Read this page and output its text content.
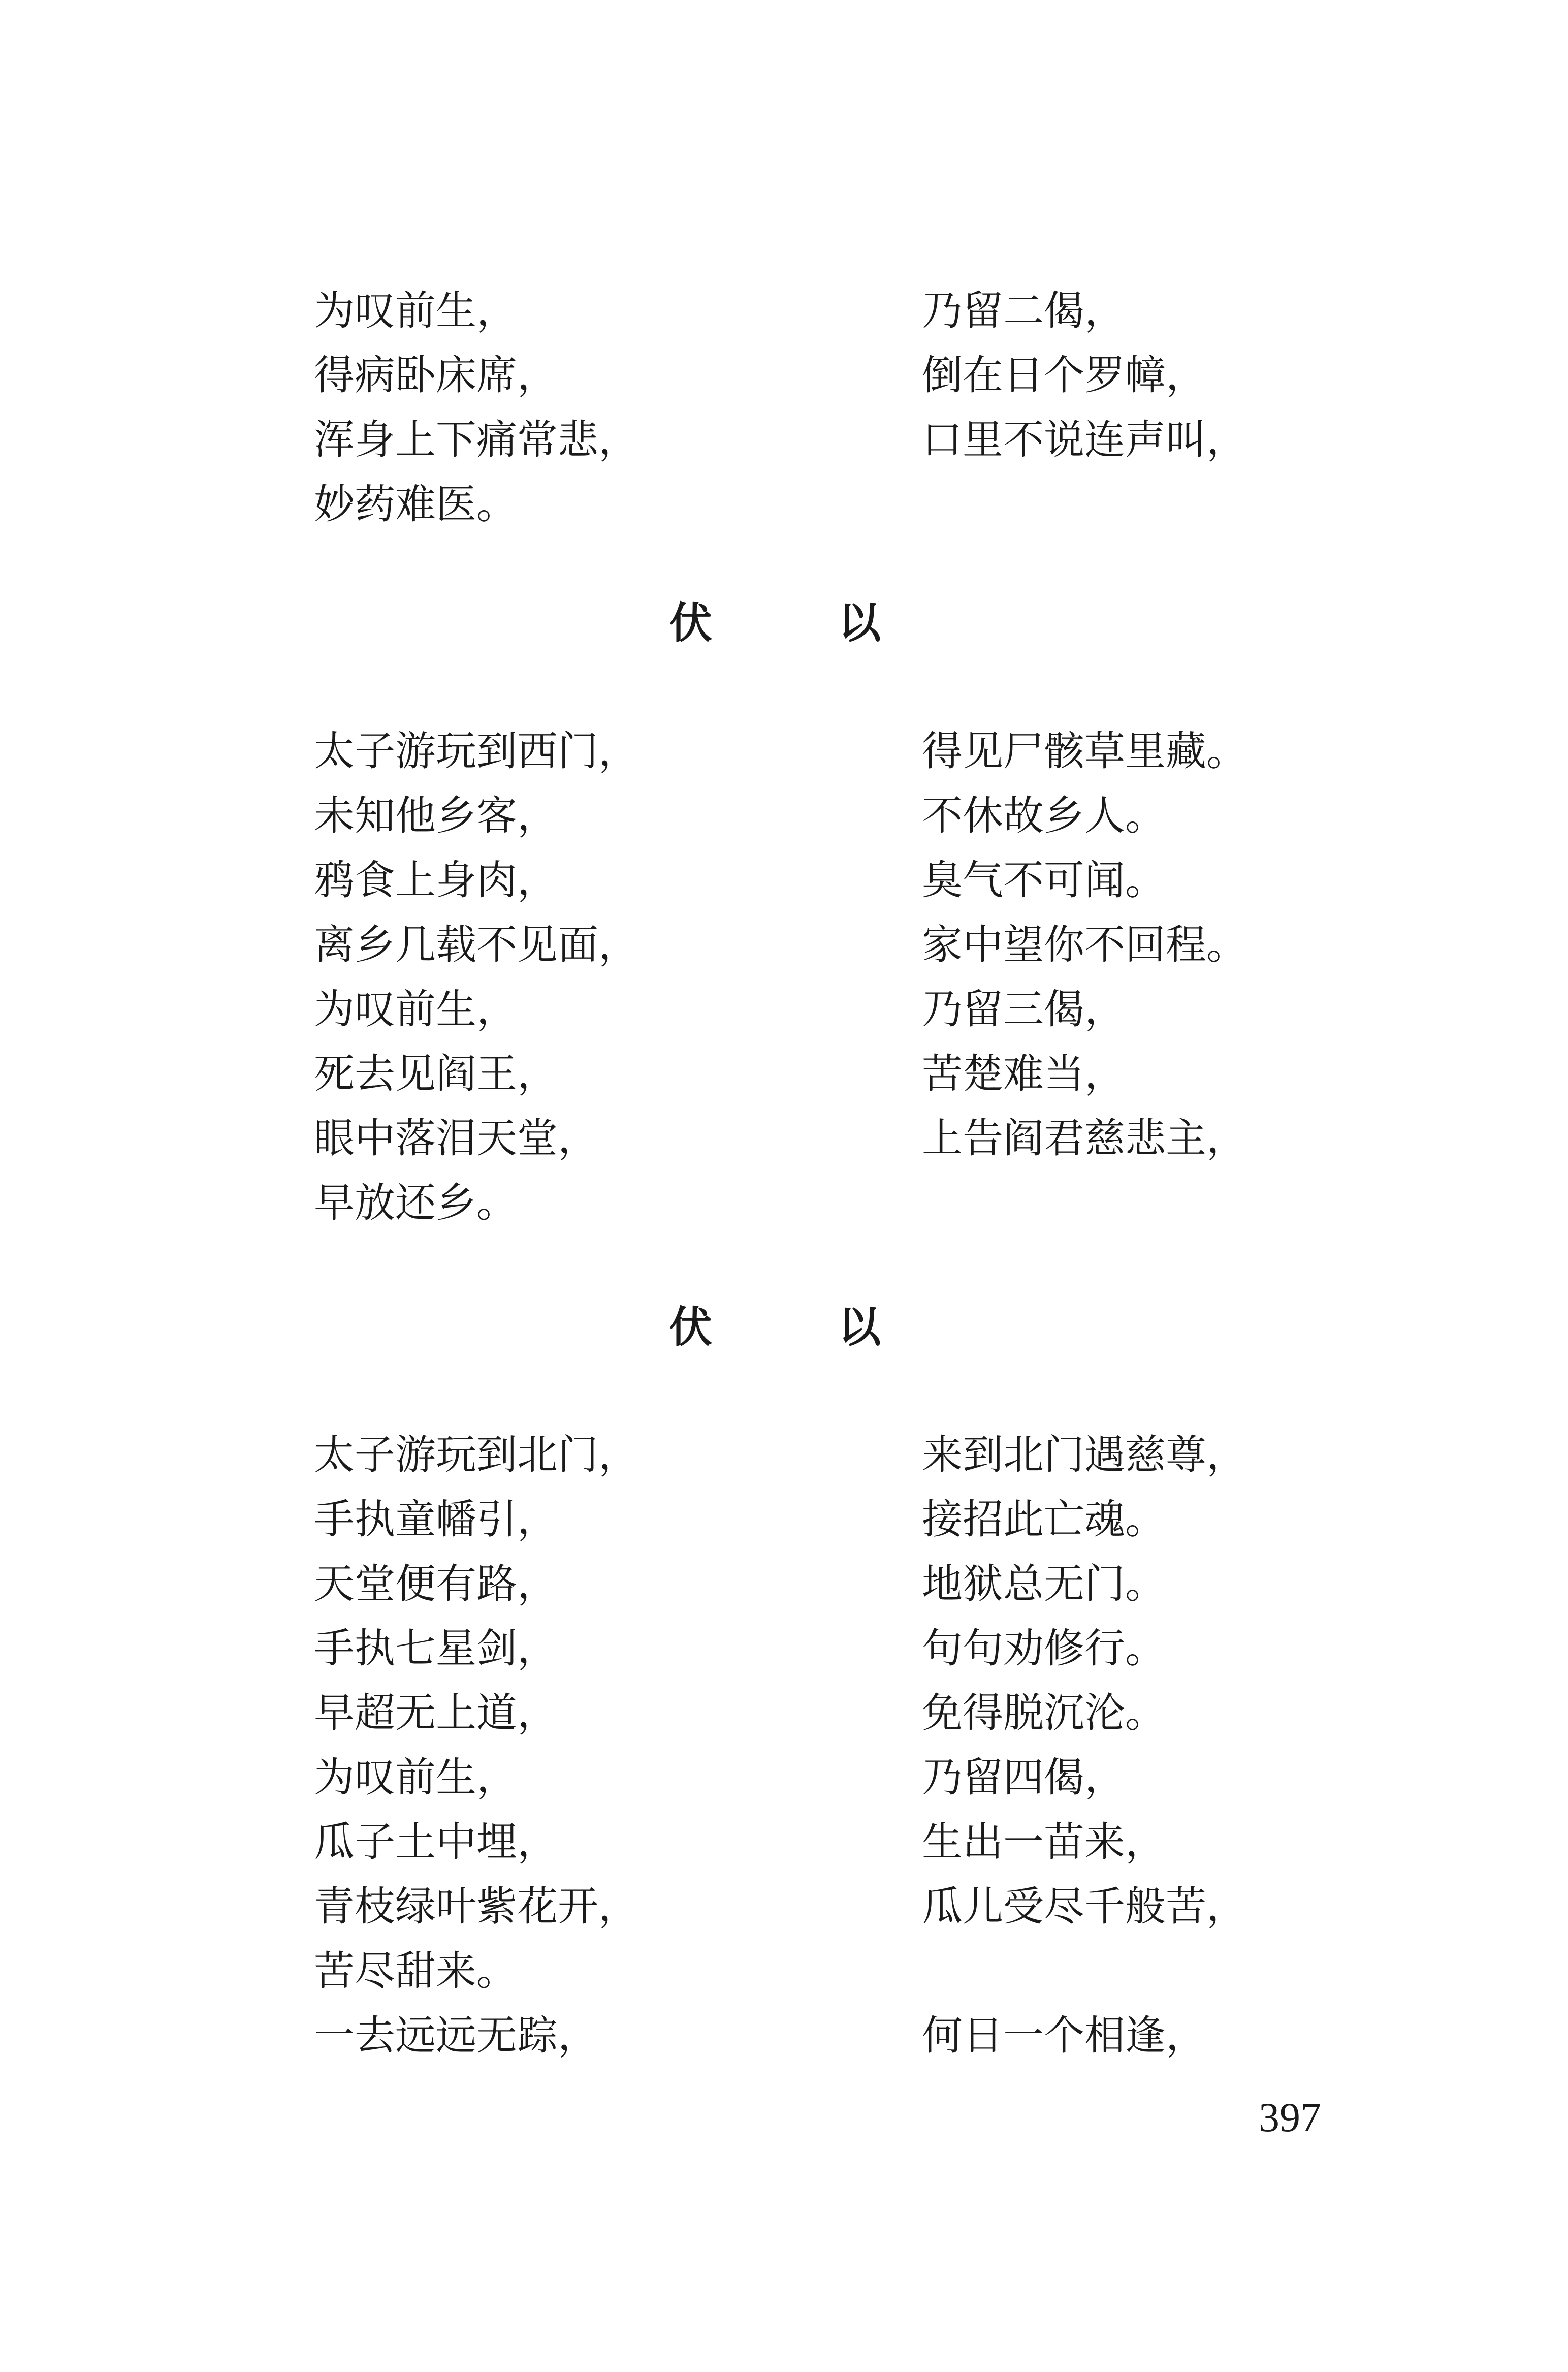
为叹前生，
得病卧床席，
浑身上下痛常悲，
妙药难医。
乃留二偈，
倒在日个罗幛，
口里不说连声叫，
伏	以
太子游玩到西门，
未知他乡客，
鸦食上身肉，
离乡几载不见面，
为叹前生，
死去见阎王，
眼中落泪天堂，
早放还乡。
得见尸骸草里藏。
不休故乡人。
臭气不可闻。
家中望你不回程。
乃留三偈，
苦楚难当，
上告阎君慈悲主，
伏	以
太子游玩到北门，
手执童幡引，
天堂便有路，
手执七星剑，
早超无上道，
为叹前生，
瓜子土中埋，
青枝绿叶紫花开，
苦尽甜来。
一去远远无踪，
来到北门遇慈尊，
接招此亡魂。
地狱总无门。
句句劝修行。
免得脱沉沦。
乃留四偈，
生出一苗来，
瓜儿受尽千般苦，
何日一个相逢，
397
